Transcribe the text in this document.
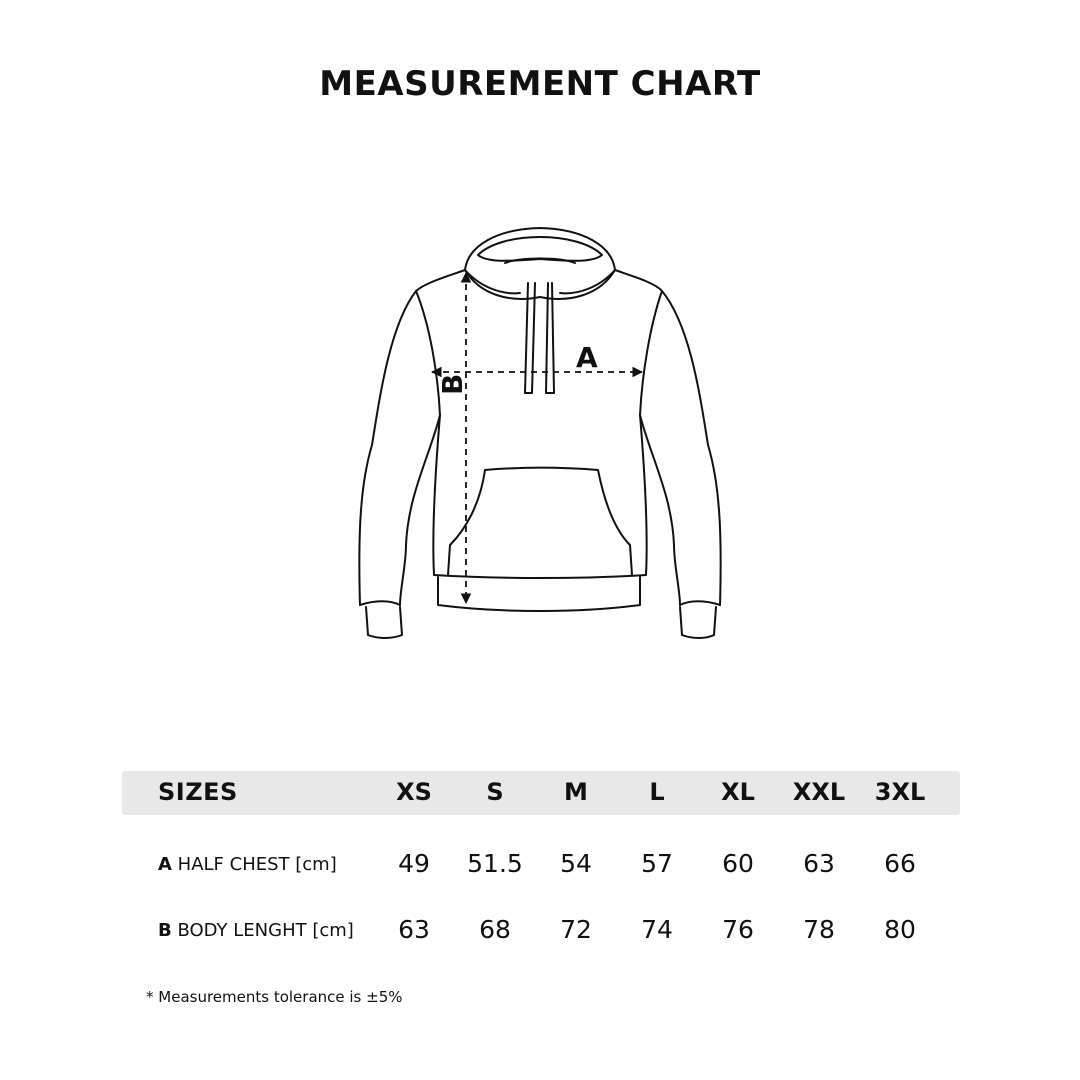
MEASUREMENT CHART
A
B
SIZES	XS	S	M	L	XL	XXL	3XL
A HALF CHEST [cm]	49	51.5	54	57	60	63	66
B BODY LENGHT [cm]	63	68	72	74	76	78	80
* Measurements tolerance is ±5%
